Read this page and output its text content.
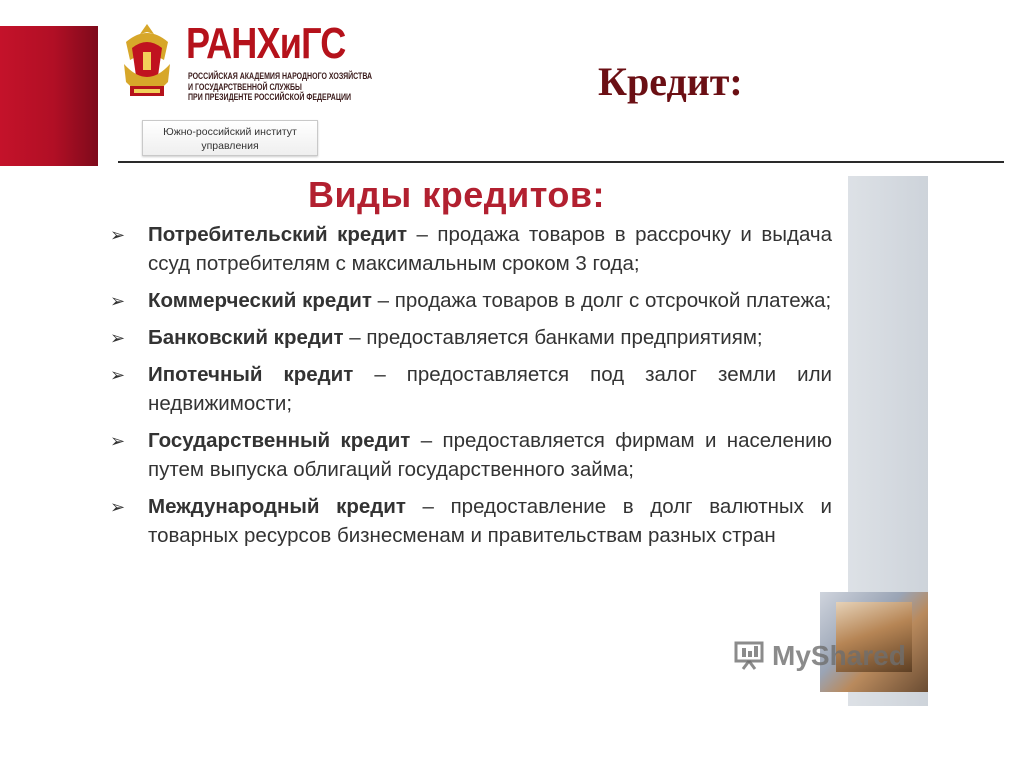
РАНХиГС
РОССИЙСКАЯ АКАДЕМИЯ НАРОДНОГО ХОЗЯЙСТВА
И ГОСУДАРСТВЕННОЙ СЛУЖБЫ
ПРИ ПРЕЗИДЕНТЕ РОССИЙСКОЙ ФЕДЕРАЦИИ
Южно-российский институт
управления
Кредит:
Виды кредитов:
➢ Потребительский кредит – продажа товаров в рассрочку и выдача ссуд потребителям с максимальным сроком 3 года;
➢ Коммерческий кредит – продажа товаров в долг с отсрочкой платежа;
➢ Банковский кредит – предоставляется банками предприятиям;
➢ Ипотечный кредит – предоставляется под залог земли или недвижимости;
➢ Государственный кредит – предоставляется фирмам и населению путем выпуска облигаций государственного займа;
➢ Международный кредит – предоставление в долг валютных и товарных ресурсов бизнесменам и правительствам разных стран
MyShared
